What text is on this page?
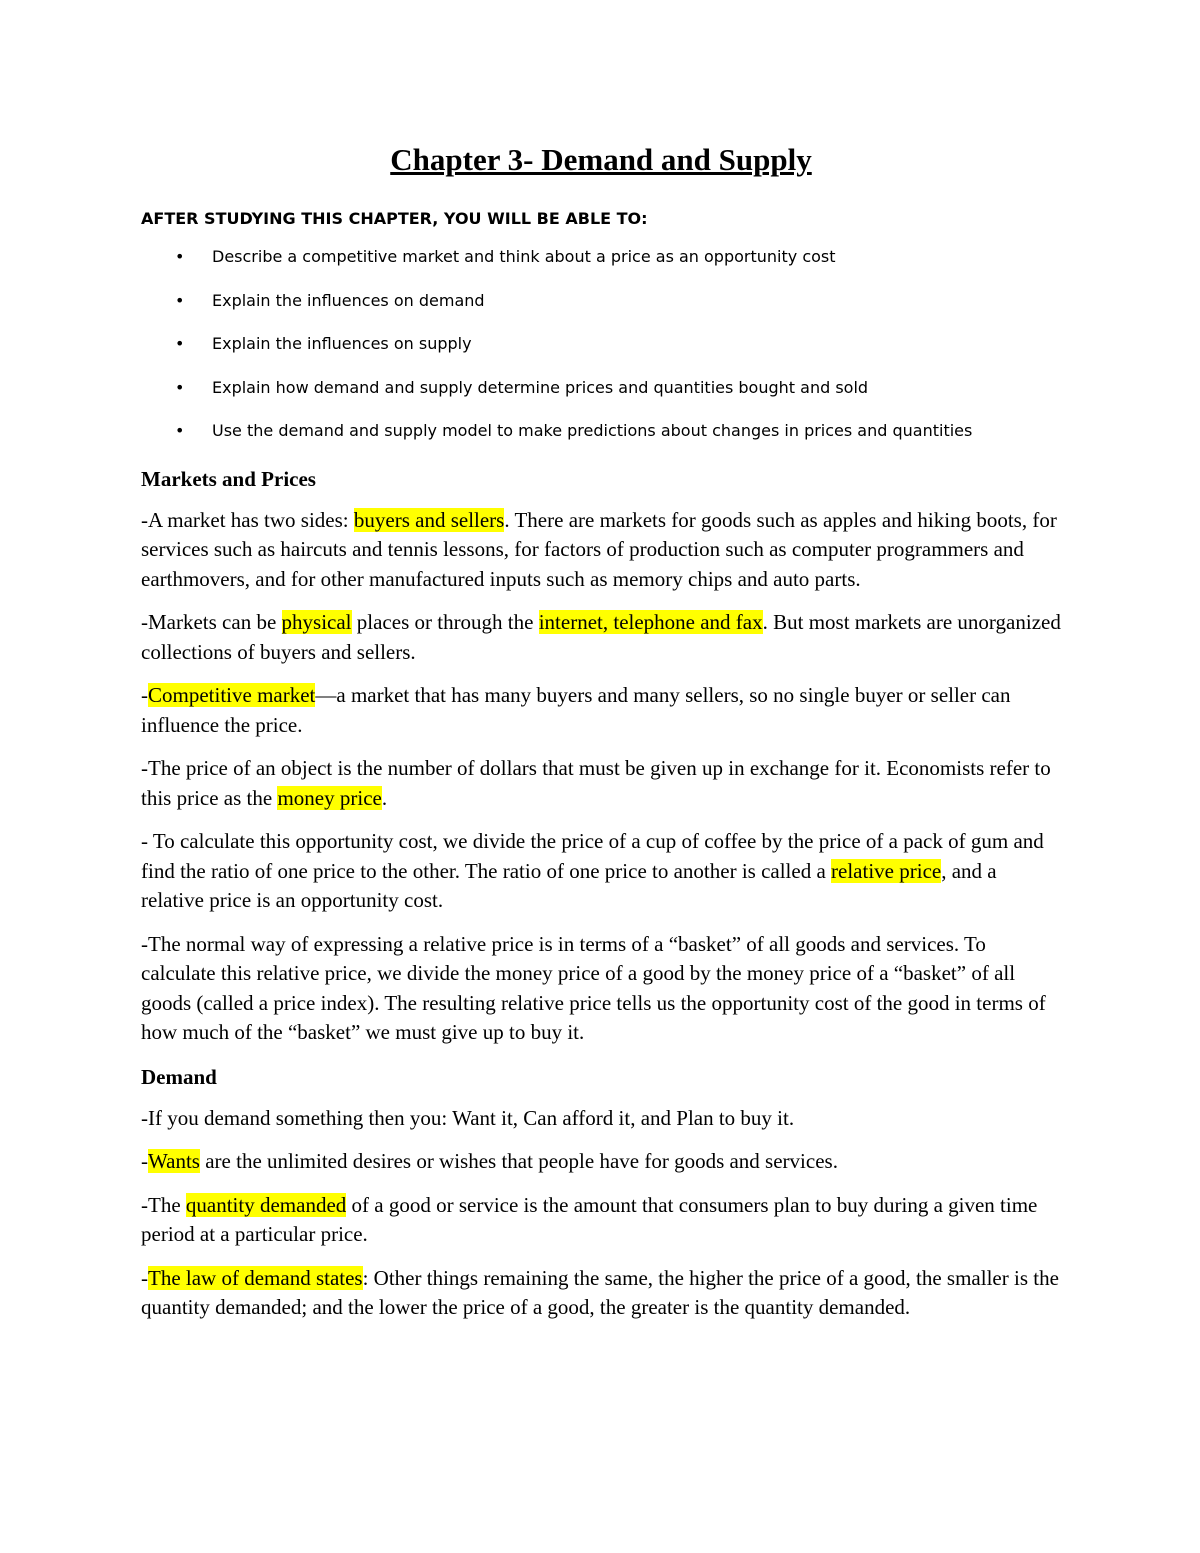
Chapter 3- Demand and Supply

AFTER STUDYING THIS CHAPTER, YOU WILL BE ABLE TO:

• Describe a competitive market and think about a price as an opportunity cost
• Explain the influences on demand
• Explain the influences on supply
• Explain how demand and supply determine prices and quantities bought and sold
• Use the demand and supply model to make predictions about changes in prices and quantities
Markets and Prices

-A market has two sides: buyers and sellers. There are markets for goods such as apples and hiking boots, for services such as haircuts and tennis lessons, for factors of production such as computer programmers and earthmovers, and for other manufactured inputs such as memory chips and auto parts.

-Markets can be physical places or through the internet, telephone and fax. But most markets are unorganized collections of buyers and sellers.

-Competitive market—a market that has many buyers and many sellers, so no single buyer or seller can influence the price.

-The price of an object is the number of dollars that must be given up in exchange for it. Economists refer to this price as the money price.

- To calculate this opportunity cost, we divide the price of a cup of coffee by the price of a pack of gum and find the ratio of one price to the other. The ratio of one price to another is called a relative price, and a relative price is an opportunity cost.

-The normal way of expressing a relative price is in terms of a “basket” of all goods and services. To calculate this relative price, we divide the money price of a good by the money price of a “basket” of all goods (called a price index). The resulting relative price tells us the opportunity cost of the good in terms of how much of the “basket” we must give up to buy it.

Demand

-If you demand something then you: Want it, Can afford it, and Plan to buy it.

-Wants are the unlimited desires or wishes that people have for goods and services.

-The quantity demanded of a good or service is the amount that consumers plan to buy during a given time period at a particular price.

-The law of demand states: Other things remaining the same, the higher the price of a good, the smaller is the quantity demanded; and the lower the price of a good, the greater is the quantity demanded.
